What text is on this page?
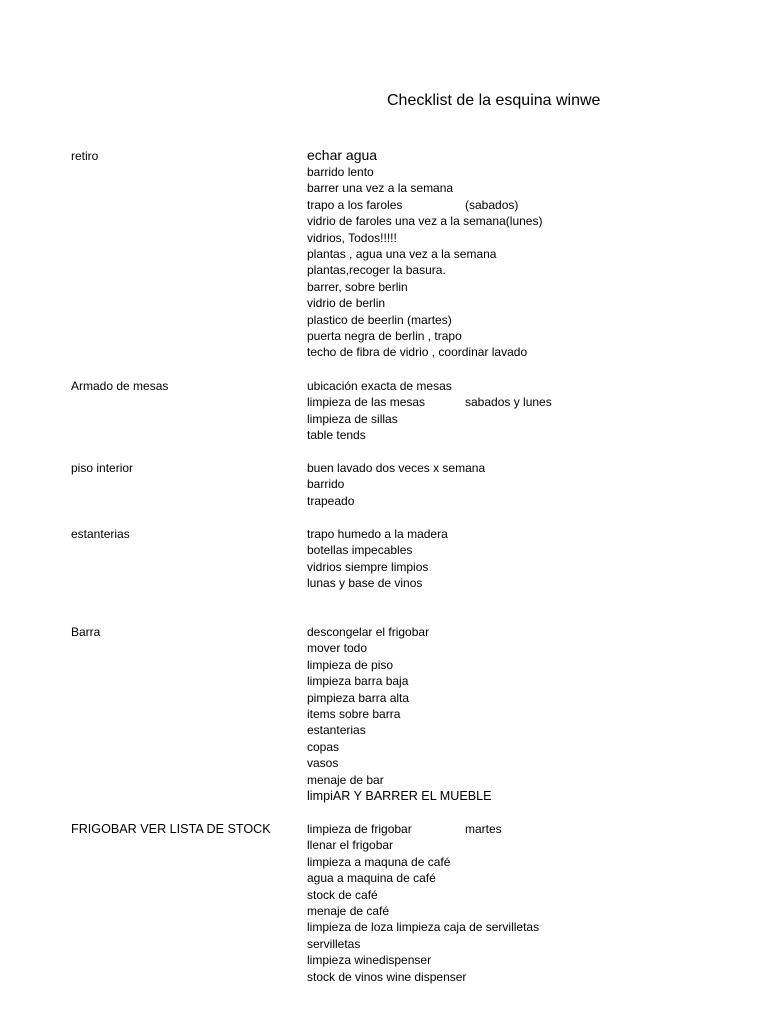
Checklist de la esquina winwe
retiro	echar agua
barrido lento
barrer una vez a la semana
trapo a los faroles	(sabados)
vidrio de faroles una vez a la semana(lunes)
vidrios, Todos!!!!!
plantas , agua una vez a la semana
plantas,recoger la basura.
barrer, sobre berlin
vidrio de berlin
plastico de beerlin (martes)
puerta negra de berlin , trapo
techo de fibra de vidrio , coordinar lavado
Armado de mesas	ubicación exacta de mesas
limpieza de las mesas	sabados y lunes
limpieza de sillas
table tends
piso interior	buen lavado dos veces x semana
barrido
trapeado
estanterias	trapo humedo a la madera
botellas impecables
vidrios siempre limpios
lunas y base de vinos
Barra	descongelar el frigobar
mover todo
limpieza de piso
limpieza barra baja
pimpieza barra alta
items sobre barra
estanterias
copas
vasos
menaje de bar
limpiAR Y BARRER EL MUEBLE
FRIGOBAR VER LISTA DE STOCK	limpieza de frigobar	martes
llenar el frigobar
limpieza a maquna de café
agua a maquina de café
stock de café
menaje de café
limpieza de loza limpieza caja de servilletas
servilletas
limpieza winedispenser
stock de vinos wine dispenser
